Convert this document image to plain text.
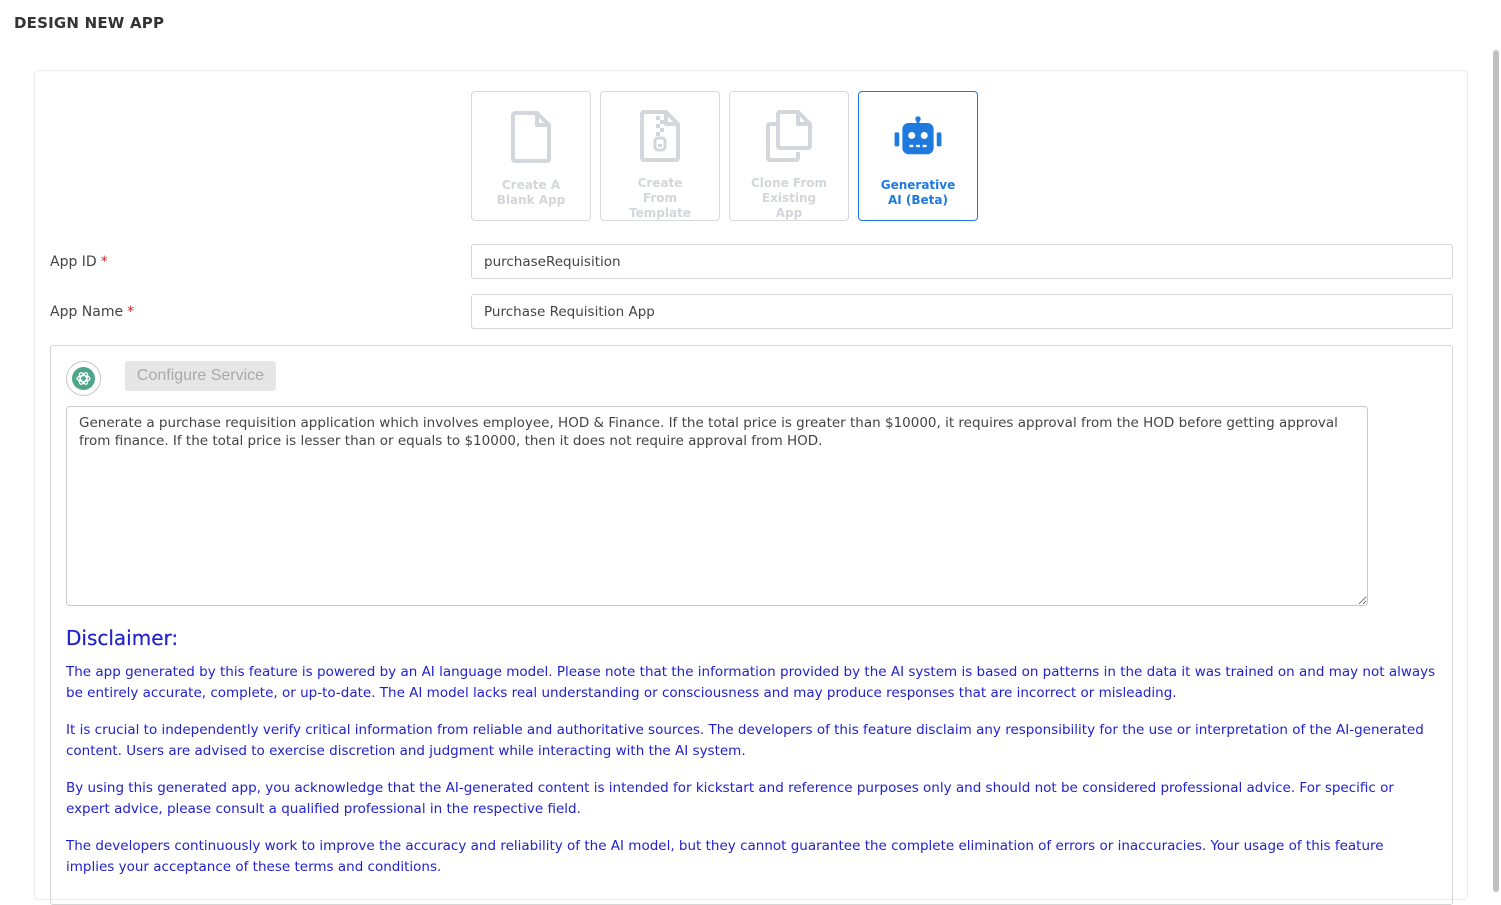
DESIGN NEW APP
Create A Blank App
Create From Template
Clone From Existing App
Generative AI (Beta)
App ID *
purchaseRequisition
App Name *
Purchase Requisition App
Configure Service
Generate a purchase requisition application which involves employee, HOD & Finance. If the total price is greater than $10000, it requires approval from the HOD before getting approval from finance. If the total price is lesser than or equals to $10000, then it does not require approval from HOD.
Disclaimer:

The app generated by this feature is powered by an AI language model. Please note that the information provided by the AI system is based on patterns in the data it was trained on and may not always be entirely accurate, complete, or up-to-date. The AI model lacks real understanding or consciousness and may produce responses that are incorrect or misleading.

It is crucial to independently verify critical information from reliable and authoritative sources. The developers of this feature disclaim any responsibility for the use or interpretation of the AI-generated content. Users are advised to exercise discretion and judgment while interacting with the AI system.

By using this generated app, you acknowledge that the AI-generated content is intended for kickstart and reference purposes only and should not be considered professional advice. For specific or expert advice, please consult a qualified professional in the respective field.

The developers continuously work to improve the accuracy and reliability of the AI model, but they cannot guarantee the complete elimination of errors or inaccuracies. Your usage of this feature implies your acceptance of these terms and conditions.
